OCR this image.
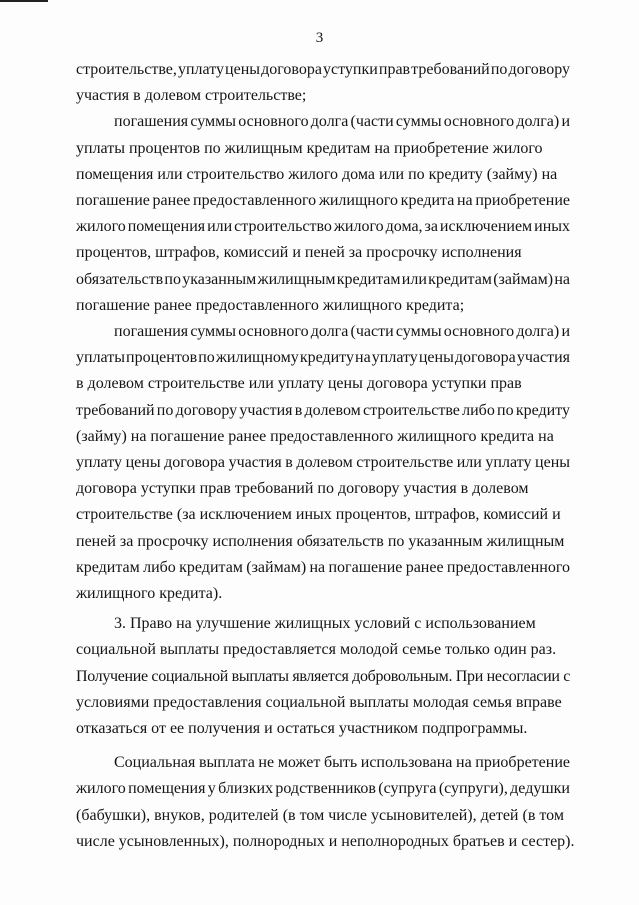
3

строительстве, уплату цены договора уступки прав требований по договору
участия в долевом строительстве;

погашения суммы основного долга (части суммы основного долга) и
уплаты процентов по жилищным кредитам на приобретение жилого
помещения или строительство жилого дома или по кредиту (займу) на
погашение ранее предоставленного жилищного кредита на приобретение
жилого помещения или строительство жилого дома, за исключением иных
процентов, штрафов, комиссий и пеней за просрочку исполнения
обязательств по указанным жилищным кредитам или кредитам (займам) на
погашение ранее предоставленного жилищного кредита;

погашения суммы основного долга (части суммы основного долга) и
уплаты процентов по жилищному кредиту на уплату цены договора участия
в долевом строительстве или уплату цены договора уступки прав
требований по договору участия в долевом строительстве либо по кредиту
(займу) на погашение ранее предоставленного жилищного кредита на
уплату цены договора участия в долевом строительстве или уплату цены
договора уступки прав требований по договору участия в долевом
строительстве (за исключением иных процентов, штрафов, комиссий и
пеней за просрочку исполнения обязательств по указанным жилищным
кредитам либо кредитам (займам) на погашение ранее предоставленного
жилищного кредита).

3. Право на улучшение жилищных условий с использованием
социальной выплаты предоставляется молодой семье только один раз.
Получение социальной выплаты является добровольным. При несогласии с
условиями предоставления социальной выплаты молодая семья вправе
отказаться от ее получения и остаться участником подпрограммы.

Социальная выплата не может быть использована на приобретение
жилого помещения у близких родственников (супруга (супруги), дедушки
(бабушки), внуков, родителей (в том числе усыновителей), детей (в том
числе усыновленных), полнородных и неполнородных братьев и сестер).
